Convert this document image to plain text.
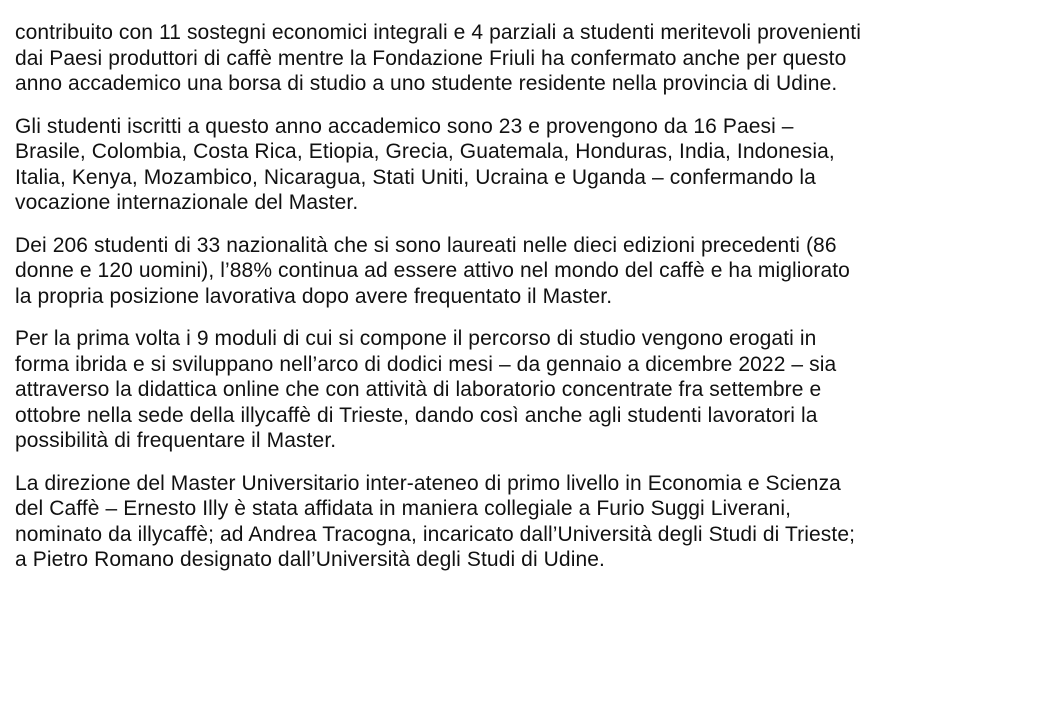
contribuito con 11 sostegni economici integrali e 4 parziali a studenti meritevoli provenienti
dai Paesi produttori di caffè mentre la Fondazione Friuli ha confermato anche per questo
anno accademico una borsa di studio a uno studente residente nella provincia di Udine.

Gli studenti iscritti a questo anno accademico sono 23 e provengono da 16 Paesi –
Brasile, Colombia, Costa Rica, Etiopia, Grecia, Guatemala, Honduras, India, Indonesia,
Italia, Kenya, Mozambico, Nicaragua, Stati Uniti, Ucraina e Uganda – confermando la
vocazione internazionale del Master.

Dei 206 studenti di 33 nazionalità che si sono laureati nelle dieci edizioni precedenti (86
donne e 120 uomini), l’88% continua ad essere attivo nel mondo del caffè e ha migliorato
la propria posizione lavorativa dopo avere frequentato il Master.

Per la prima volta i 9 moduli di cui si compone il percorso di studio vengono erogati in
forma ibrida e si sviluppano nell’arco di dodici mesi – da gennaio a dicembre 2022 – sia
attraverso la didattica online che con attività di laboratorio concentrate fra settembre e
ottobre nella sede della illycaffè di Trieste, dando così anche agli studenti lavoratori la
possibilità di frequentare il Master.

La direzione del Master Universitario inter-ateneo di primo livello in Economia e Scienza
del Caffè – Ernesto Illy è stata affidata in maniera collegiale a Furio Suggi Liverani,
nominato da illycaffè; ad Andrea Tracogna, incaricato dall’Università degli Studi di Trieste;
a Pietro Romano designato dall’Università degli Studi di Udine.
